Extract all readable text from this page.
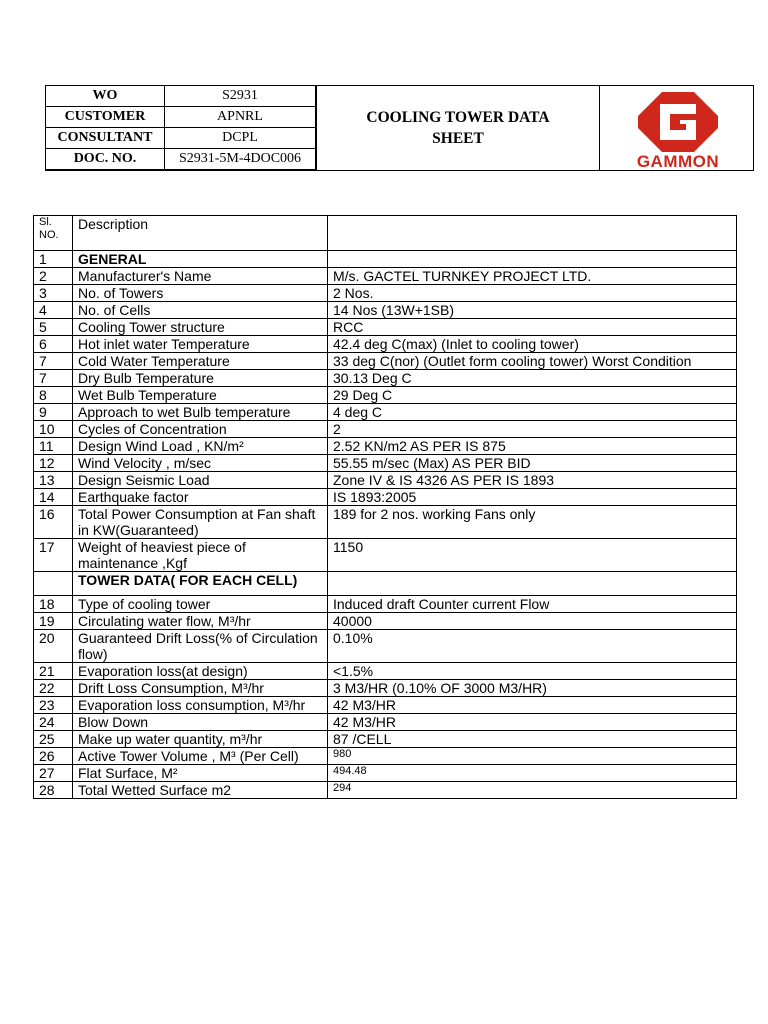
WO	S2931
CUSTOMER	APNRL
CONSULTANT	DCPL
DOC. NO.	S2931-5M-4DOC006
COOLING TOWER DATA
SHEET
GAMMON
Sl. NO.	Description	
1	GENERAL	
2	Manufacturer's Name	M/s. GACTEL TURNKEY PROJECT LTD.
3	No. of Towers	2 Nos.
4	No. of Cells	14 Nos (13W+1SB)
5	Cooling Tower structure	RCC
6	Hot inlet water Temperature	42.4 deg C(max) (Inlet to cooling tower)
7	Cold Water Temperature	33 deg C(nor) (Outlet form cooling tower) Worst Condition
7	Dry Bulb Temperature	30.13 Deg C
8	Wet Bulb Temperature	29 Deg C
9	Approach to wet Bulb temperature	4 deg C
10	Cycles of Concentration	2
11	Design Wind Load , KN/m²	2.52 KN/m2 AS PER IS 875
12	Wind Velocity , m/sec	55.55 m/sec (Max) AS PER BID
13	Design Seismic Load	Zone IV & IS 4326 AS PER IS 1893
14	Earthquake factor	IS 1893:2005
16	Total Power Consumption at Fan shaft in KW(Guaranteed)	189 for 2 nos. working Fans only
17	Weight of heaviest piece of maintenance ,Kgf	1150
	TOWER DATA( FOR EACH CELL)	
18	Type of cooling tower	Induced draft Counter current Flow
19	Circulating water flow, M³/hr	40000
20	Guaranteed Drift Loss(% of Circulation flow)	0.10%
21	Evaporation loss(at design)	<1.5%
22	Drift Loss Consumption, M³/hr	3 M3/HR (0.10% OF 3000 M3/HR)
23	Evaporation loss consumption, M³/hr	42 M3/HR
24	Blow Down	42 M3/HR
25	Make up water quantity, m³/hr	87 /CELL
26	Active Tower Volume , M³ (Per Cell)	980
27	Flat Surface, M²	494.48
28	Total Wetted Surface m2	294
